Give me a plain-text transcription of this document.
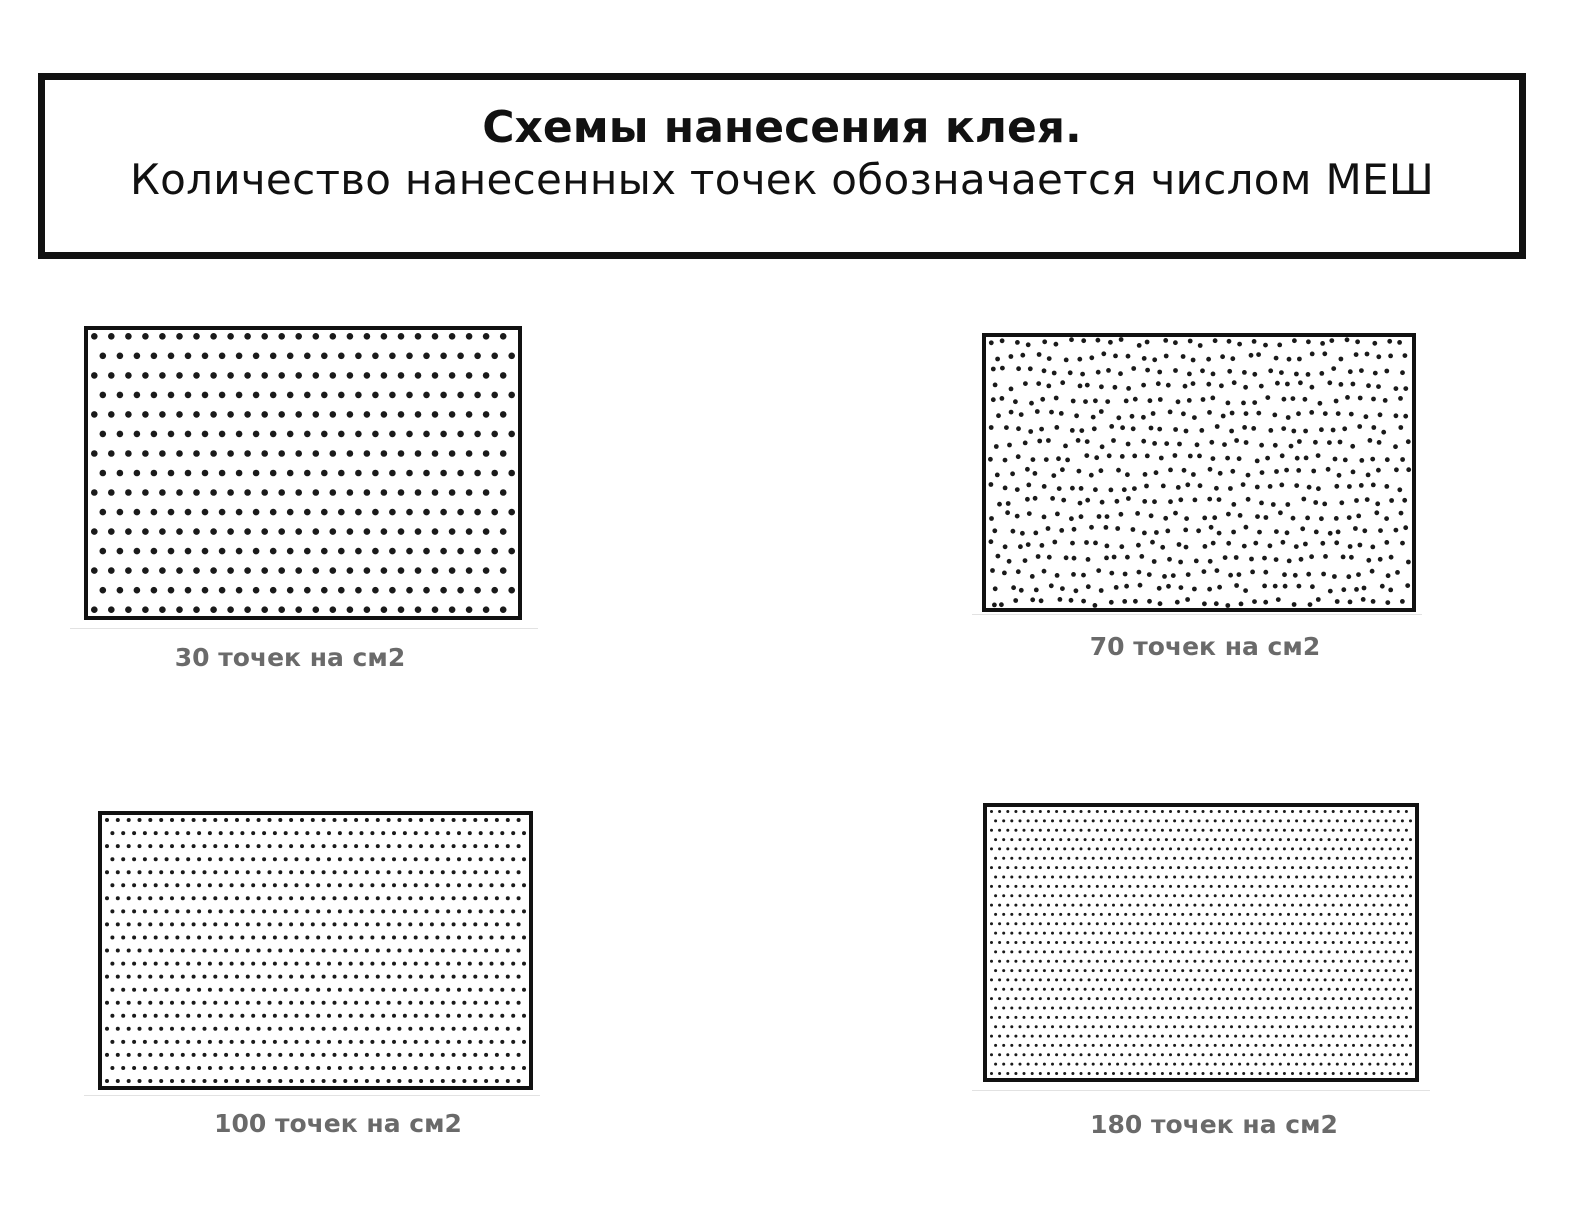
Схемы нанесения клея.
Количество нанесенных точек обозначается числом МЕШ
30 точек на см2	70 точек на см2
100 точек на см2	180 точек на см2
